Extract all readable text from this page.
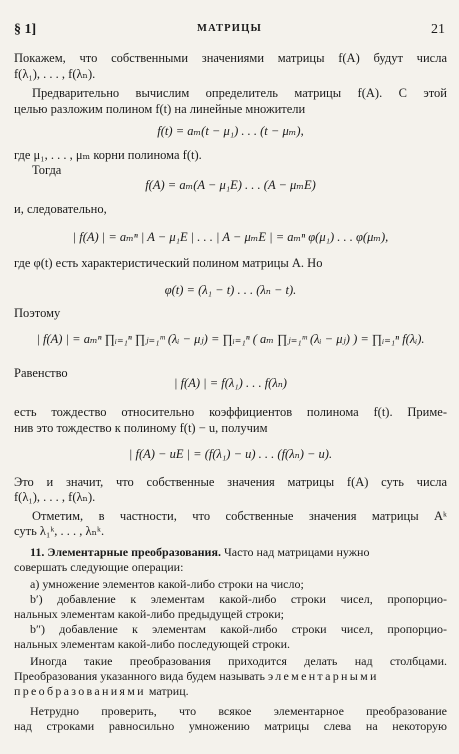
§ 1]	МАТРИЦЫ	21
Покажем, что собственными значениями матрицы f(A) будут числа
f(λ₁), . . . , f(λₙ).
Предварительно вычислим определитель матрицы f(A). С этой
целью разложим полином f(t) на линейные множители
f(t) = aₘ(t − μ₁) . . . (t − μₘ),
где μ₁, . . . , μₘ корни полинома f(t).
Тогда
f(A) = aₘ(A − μ₁E) . . . (A − μₘE)
и, следовательно,
| f(A) | = aₘⁿ | A − μ₁E | . . . | A − μₘE | = aₘⁿ φ(μ₁) . . . φ(μₘ),
где φ(t) есть характеристический полином матрицы A. Но
φ(t) = (λ₁ − t) . . . (λₙ − t).
Поэтому
| f(A) | = aₘⁿ ∏ᵢ₌₁ⁿ ∏ⱼ₌₁ᵐ (λᵢ − μⱼ) = ∏ᵢ₌₁ⁿ ( aₘ ∏ⱼ₌₁ᵐ (λᵢ − μⱼ) ) = ∏ᵢ₌₁ⁿ f(λᵢ).
Равенство
| f(A) | = f(λ₁) . . . f(λₙ)
есть тождество относительно коэффициентов полинома f(t). Приме-
нив это тождество к полиному f(t) − u, получим
| f(A) − uE | = (f(λ₁) − u) . . . (f(λₙ) − u).
Это и значит, что собственные значения матрицы f(A) суть числа
f(λ₁), . . . , f(λₙ).
Отметим, в частности, что собственные значения матрицы Aᵏ
суть λ₁ᵏ, . . . , λₙᵏ.
11. Элементарные преобразования. Часто над матрицами нужно
совершать следующие операции:
а) умножение элементов какой-либо строки на число;
b′) добавление к элементам какой-либо строки чисел, пропорцио-
нальных элементам какой-либо предыдущей строки;
b″) добавление к элементам какой-либо строки чисел, пропорцио-
нальных элементам какой-либо последующей строки.
Иногда такие преобразования приходится делать над столбцами.
Преобразования указанного вида будем называть элементарными
преобразованиями матриц.
Нетрудно проверить, что всякое элементарное преобразование
над строками равносильно умножению матрицы слева на некоторую
